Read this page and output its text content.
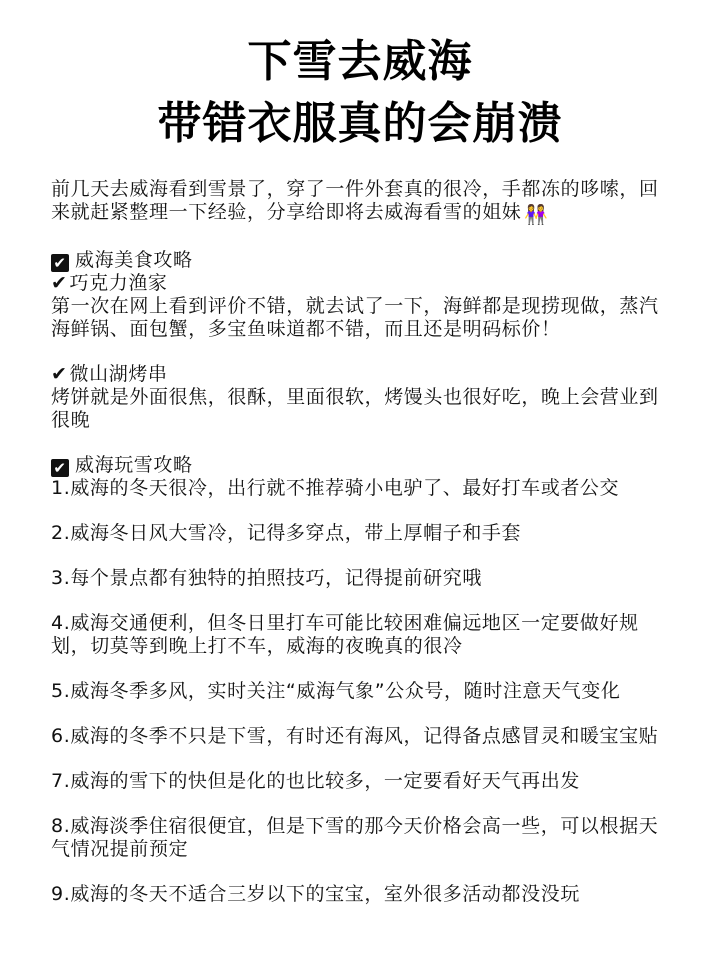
下雪去威海
带错衣服真的会崩溃

前几天去威海看到雪景了，穿了一件外套真的很冷，手都冻的哆嗦，回来就赶紧整理一下经验，分享给即将去威海看雪的姐妹 👭

✔ 威海美食攻略

✔ 巧克力渔家

第一次在网上看到评价不错，就去试了一下，海鲜都是现捞现做，蒸汽海鲜锅、面包蟹，多宝鱼味道都不错，而且还是明码标价！

✔ 微山湖烤串

烤饼就是外面很焦，很酥，里面很软，烤馒头也很好吃，晚上会营业到很晚

✔ 威海玩雪攻略

1.威海的冬天很冷，出行就不推荐骑小电驴了、最好打车或者公交

2.威海冬日风大雪冷，记得多穿点，带上厚帽子和手套

3.每个景点都有独特的拍照技巧，记得提前研究哦

4.威海交通便利，但冬日里打车可能比较困难偏远地区一定要做好规划，切莫等到晚上打不车，威海的夜晚真的很冷

5.威海冬季多风，实时关注“威海气象”公众号，随时注意天气变化

6.威海的冬季不只是下雪，有时还有海风，记得备点感冒灵和暖宝宝贴

7.威海的雪下的快但是化的也比较多，一定要看好天气再出发

8.威海淡季住宿很便宜，但是下雪的那今天价格会高一些，可以根据天气情况提前预定

9.威海的冬天不适合三岁以下的宝宝，室外很多活动都没没玩
